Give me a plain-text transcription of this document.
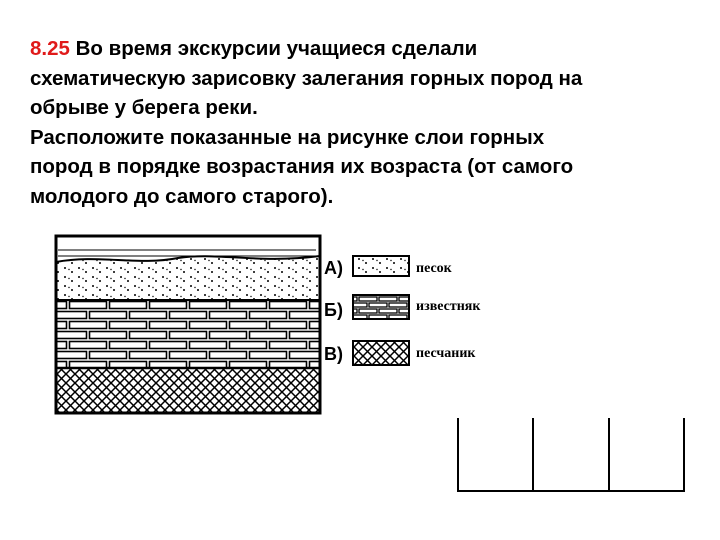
8.25 Во время экскурсии учащиеся сделали
схематическую зарисовку залегания горных пород на
обрыве у берега реки.
Расположите показанные на рисунке слои горных
пород в порядке возрастания их возраста (от самого
молодого до самого старого).
А)	песок
Б)	известняк
В)	песчаник
